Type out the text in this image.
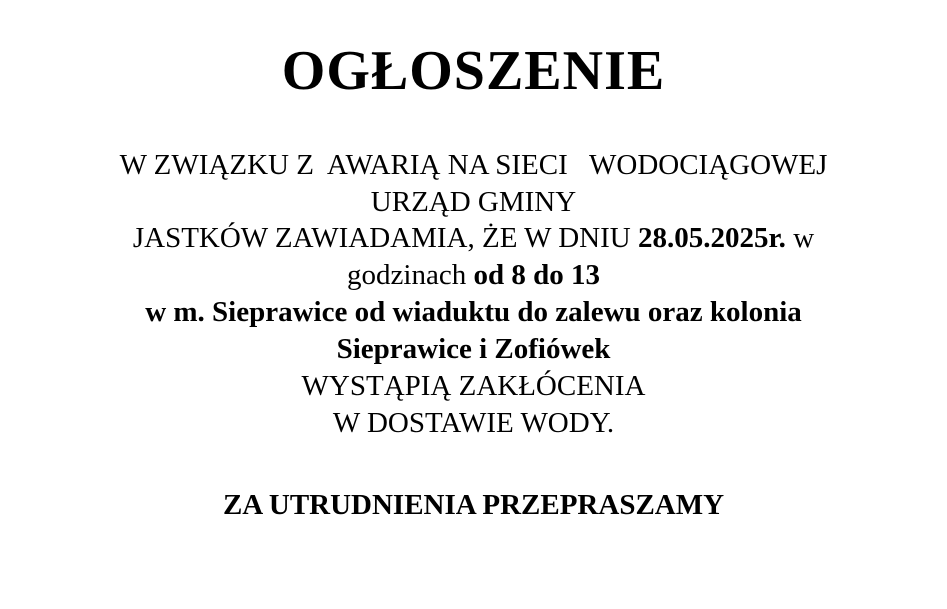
OGŁOSZENIE
W ZWIĄZKU Z  AWARIĄ NA SIECI   WODOCIĄGOWEJ
URZĄD GMINY
JASTKÓW ZAWIADAMIA, ŻE W DNIU 28.05.2025r. w
godzinach od 8 do 13
w m. Sieprawice od wiaduktu do zalewu oraz kolonia
Sieprawice i Zofiówek
WYSTĄPIĄ ZAKŁÓCENIA
W DOSTAWIE WODY.
ZA UTRUDNIENIA PRZEPRASZAMY
